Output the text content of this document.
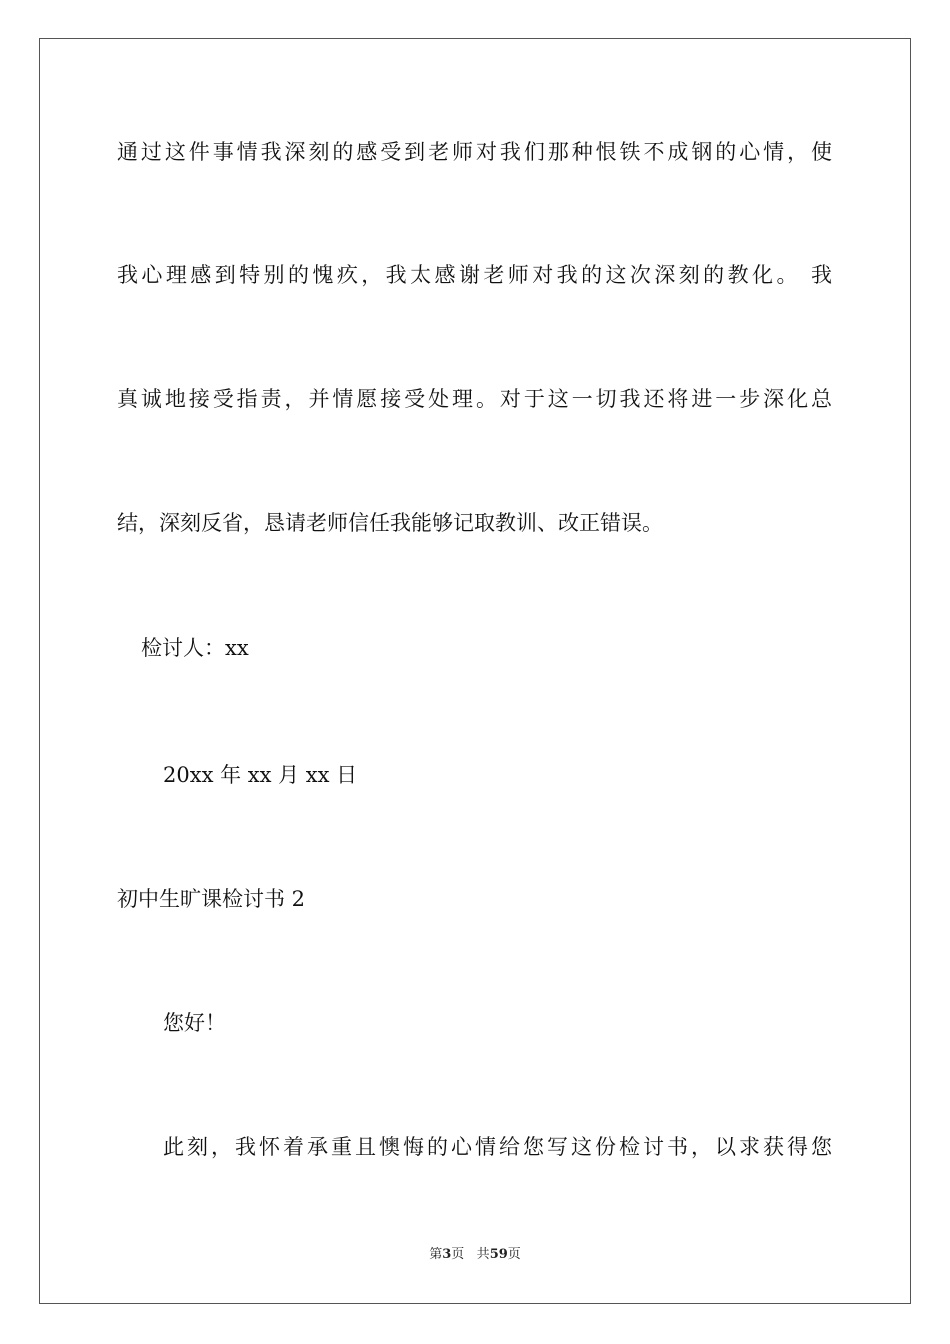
通过这件事情我深刻的感受到老师对我们那种恨铁不成钢的心情，使
我心理感到特别的愧疚，我太感谢老师对我的这次深刻的教化。 我
真诚地接受指责，并情愿接受处理。对于这一切我还将进一步深化总
结，深刻反省，恳请老师信任我能够记取教训、改正错误。
检讨人：xx
20xx 年 xx 月 xx 日
初中生旷课检讨书 2
您好！
此刻，我怀着承重且懊悔的心情给您写这份检讨书，以求获得您
第3页 共59页
